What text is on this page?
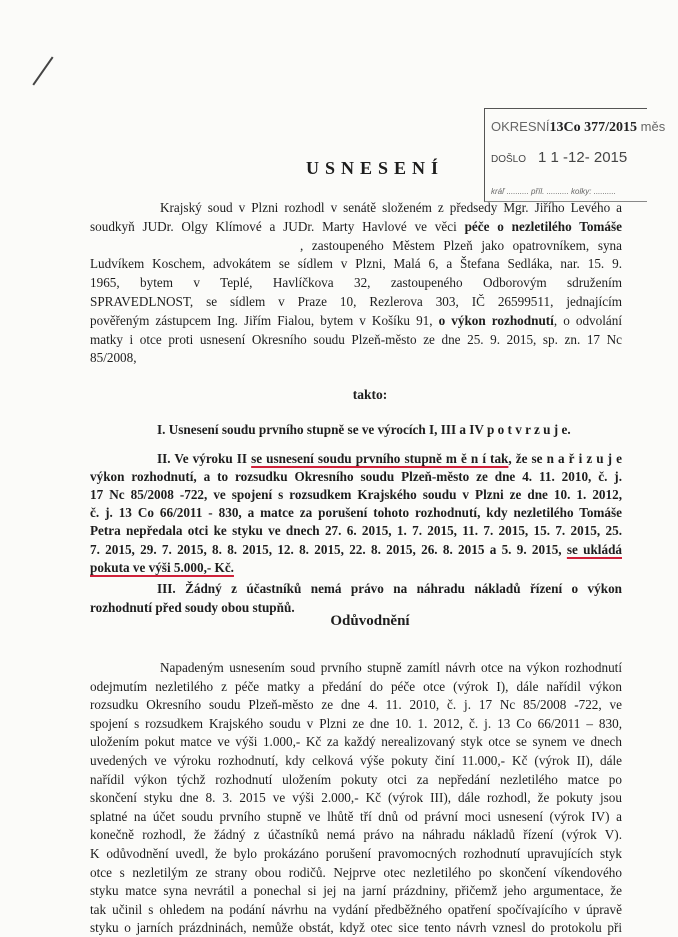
OKRESNÍ13Co 377/2015 měs
DOŠLO 1 1 -12- 2015
kráľ .......... příl. .......... kolky: ..........
USNESENÍ
takto:
Odůvodnění
Krajský soud v Plzni rozhodl v senátě složeném z předsedy Mgr. Jiřího Levého a
soudkyň JUDr. Olgy Klímové a JUDr. Marty Havlové ve věci péče o nezletilého Tomáše
, zastoupeného Městem Plzeň jako opatrovníkem, syna
Ludvíkem Koschem, advokátem se sídlem v Plzni, Malá 6, a Štefana Sedláka, nar. 15. 9.
1965, bytem v Teplé, Havlíčkova 32, zastoupeného Odborovým sdružením
SPRAVEDLNOST, se sídlem v Praze 10, Rezlerova 303, IČ 26599511, jednajícím
pověřeným zástupcem Ing. Jiřím Fialou, bytem v Košíku 91, o výkon rozhodnutí, o odvolání
matky i otce proti usnesení Okresního soudu Plzeň-město ze dne 25. 9. 2015, sp. zn. 17 Nc
85/2008,
I. Usnesení soudu prvního stupně se ve výrocích I, III a IV p o t v r z u j e.
II. Ve výroku II se usnesení soudu prvního stupně m ě n í tak, že se n a ř i z u j e
výkon rozhodnutí, a to rozsudku Okresního soudu Plzeň-město ze dne 4. 11. 2010, č. j.
17 Nc 85/2008 -722, ve spojení s rozsudkem Krajského soudu v Plzni ze dne 10. 1. 2012,
č. j. 13 Co 66/2011 - 830, a matce za porušení tohoto rozhodnutí, kdy nezletilého Tomáše
Petra nepředala otci ke styku ve dnech 27. 6. 2015, 1. 7. 2015, 11. 7. 2015, 15. 7. 2015, 25.
7. 2015, 29. 7. 2015, 8. 8. 2015, 12. 8. 2015, 22. 8. 2015, 26. 8. 2015 a 5. 9. 2015, se ukládá
pokuta ve výši 5.000,- Kč.
III. Žádný z účastníků nemá právo na náhradu nákladů řízení o výkon
rozhodnutí před soudy obou stupňů.
Napadeným usnesením soud prvního stupně zamítl návrh otce na výkon rozhodnutí
odejmutím nezletilého z péče matky a předání do péče otce (výrok I), dále nařídil výkon
rozsudku Okresního soudu Plzeň-město ze dne 4. 11. 2010, č. j. 17 Nc 85/2008 -722, ve
spojení s rozsudkem Krajského soudu v Plzni ze dne 10. 1. 2012, č. j. 13 Co 66/2011 – 830,
uložením pokut matce ve výši 1.000,- Kč za každý nerealizovaný styk otce se synem ve dnech
uvedených ve výroku rozhodnutí, kdy celková výše pokuty činí 11.000,- Kč (výrok II), dále
nařídil výkon týchž rozhodnutí uložením pokuty otci za nepředání nezletilého matce po
skončení styku dne 8. 3. 2015 ve výši 2.000,- Kč (výrok III), dále rozhodl, že pokuty jsou
splatné na účet soudu prvního stupně ve lhůtě tří dnů od právní moci usnesení (výrok IV) a
konečně rozhodl, že žádný z účastníků nemá právo na náhradu nákladů řízení (výrok V).
K odůvodnění uvedl, že bylo prokázáno porušení pravomocných rozhodnutí upravujících styk
otce s nezletilým ze strany obou rodičů. Nejprve otec nezletilého po skončení víkendového
styku matce syna nevrátil a ponechal si jej na jarní prázdniny, přičemž jeho argumentace, že
tak učinil s ohledem na podání návrhu na vydání předběžného opatření spočívajícího v úpravě
styku o jarních prázdninách, nemůže obstát, když otec sice tento návrh vznesl do protokolu při
